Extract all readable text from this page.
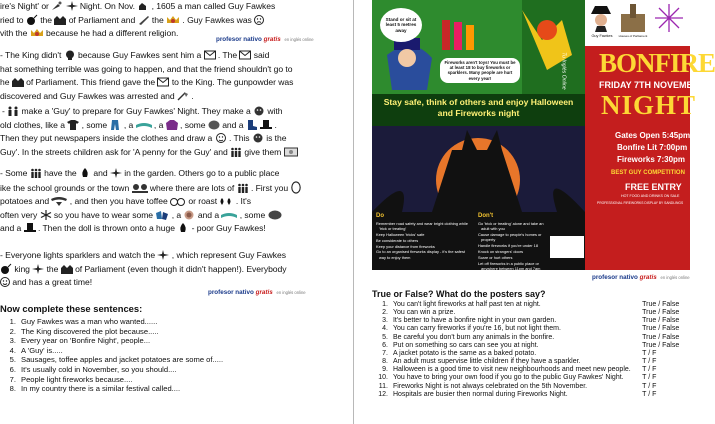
ire's Night' or	Night. On Nov.  , 1605 a man called Guy Fawkes
ried to  the  of Parliament and  the  . Guy Fawkes was
vith the  because he had a different religion.
profesor nativo gratis en inglés online
- The King didn't  because Guy Fawkes sent him a  . The  said
hat something terrible was going to happen, and that the friend shouldn't go to
he  of Parliament. This friend gave the  to the King. The gunpowder was
discovered and Guy Fawkes was arrested and  .
-  make a 'Guy' to prepare for Guy Fawkes' Night. They make a  with
old clothes, like a  , some  , a  , a  , some  and a	.
Then they put newspapers inside the clothes and draw a  . This  is the
Guy'. In the streets children ask for 'A penny for the Guy' and  give them
- Some  have the  and  in the garden. Others go to a public place
ike the school grounds or the town  where there are lots of  . First you
potatoes and  , and then you have toffee  or roast  . It's
often very  so you have to wear some  , a  and a  , some
and a  . Then the doll is thrown onto a huge  - poor Guy Fawkes!
- Everyone lights sparklers and watch the  , which represent Guy Fawkes
king  the  of Parliament (even though it didn't happen!). Everybody
and has a great time!
profesor nativo gratis en inglés online
Now complete these sentences:
1. Guy Fawkes was a man who wanted......
2. The King discovered the plot because.....
3. Every year on 'Bonfire Night', people...
4. A 'Guy' is.....
5. Sausages, toffee apples and jacket potatoes are some of.....
6. It's usually cold in November, so you should....
7. People light fireworks because....
8. In my country there is a similar festival called....
Stand or sit at least 5 metres away
Fireworks aren't toys! You must be at least 18 to buy fireworks or sparklers. Many people are hurt every year!
Stay safe, think of others and enjoy Halloween and Fireworks night
Do
Remember road safety and wear bright clothing while 'trick or treating'
Keep Halloween 'tricks' safe
Be considerate to others
Keep your distance from fireworks
Go to an organised fireworks display - it's the safest way to enjoy them
Don't
Go 'trick or treating' alone and take an adult with you
Cause damage to people's homes or property
Handle fireworks if you're under 18
Knock on strangers' doors
Scare or hurt others
Let off fireworks in a public place or anywhere between 11pm and 7am
Guy Fawkes	Houses of Parliament
Tu Inglés Online BONFIRE
FRIDAY 7TH NOVEMBER
NIGHT
Gates Open 5:45pm
Bonfire Lit 7:00pm
Fireworks 7:30pm
BEST GUY COMPETITION
FREE ENTRY
HOT FOOD AND DRINKS ON SALE
PROFESSIONAL FIREWORKS DISPLAY BY SANDLINGS
profesor nativo gratis en inglés online
True or False? What do the posters say?
1. You can't light fireworks at half past ten at night.	True / False
2. You can win a prize.	True / False
3. It's better to have a bonfire night in your own garden.	True / False
4. You can carry fireworks if you're 16, but not light them.	True / False
5. Be careful you don't burn any animals in the bonfire.	True / False
6. Put on something so cars can see you at night.	True / False
7. A jacket potato is the same as a baked potato.	T / F
8. An adult must supervise little children if they have a sparkler.	T / F
9. Halloween is a good time to visit new neighbourhoods and meet new people.	T / F
10. You have to bring your own food if you go to the public Guy Fawkes' Night.	T / F
11. Fireworks Night is not always celebrated on the 5th November.	T / F
12. Hospitals are busier then normal during Fireworks Night.	T / F
